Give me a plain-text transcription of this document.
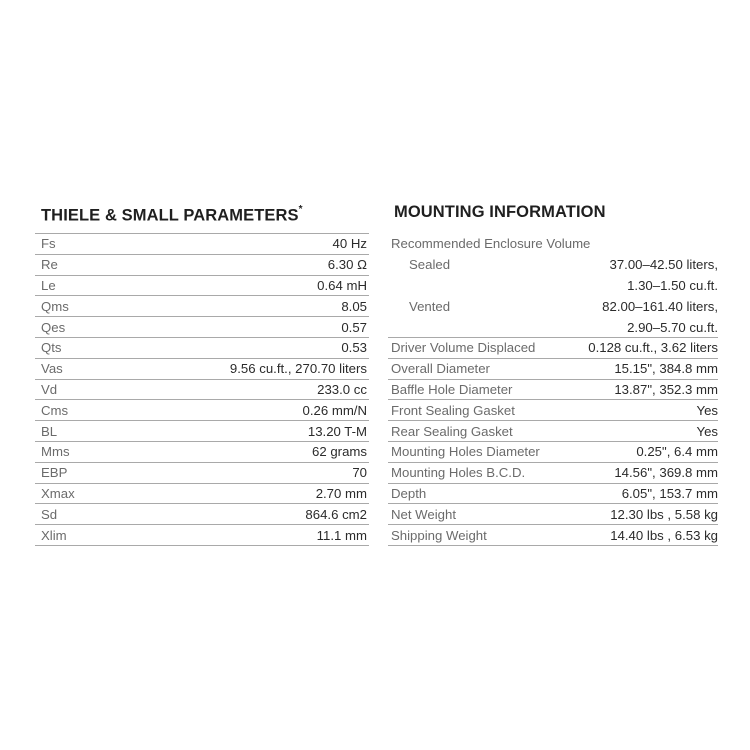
THIELE & SMALL PARAMETERS*
Fs	40 Hz
Re	6.30 Ω
Le	0.64 mH
Qms	8.05
Qes	0.57
Qts	0.53
Vas	9.56 cu.ft., 270.70 liters
Vd	233.0 cc
Cms	0.26 mm/N
BL	13.20 T-M
Mms	62 grams
EBP	70
Xmax	2.70 mm
Sd	864.6 cm2
Xlim	11.1 mm
MOUNTING INFORMATION
Recommended Enclosure Volume
Sealed	37.00–42.50 liters,
1.30–1.50 cu.ft.
Vented	82.00–161.40 liters,
2.90–5.70 cu.ft.
Driver Volume Displaced	0.128 cu.ft., 3.62 liters
Overall Diameter	15.15", 384.8 mm
Baffle Hole Diameter	13.87", 352.3 mm
Front Sealing Gasket	Yes
Rear Sealing Gasket	Yes
Mounting Holes Diameter	0.25", 6.4 mm
Mounting Holes B.C.D.	14.56", 369.8 mm
Depth	6.05", 153.7 mm
Net Weight	12.30 lbs , 5.58 kg
Shipping Weight	14.40 lbs , 6.53 kg
